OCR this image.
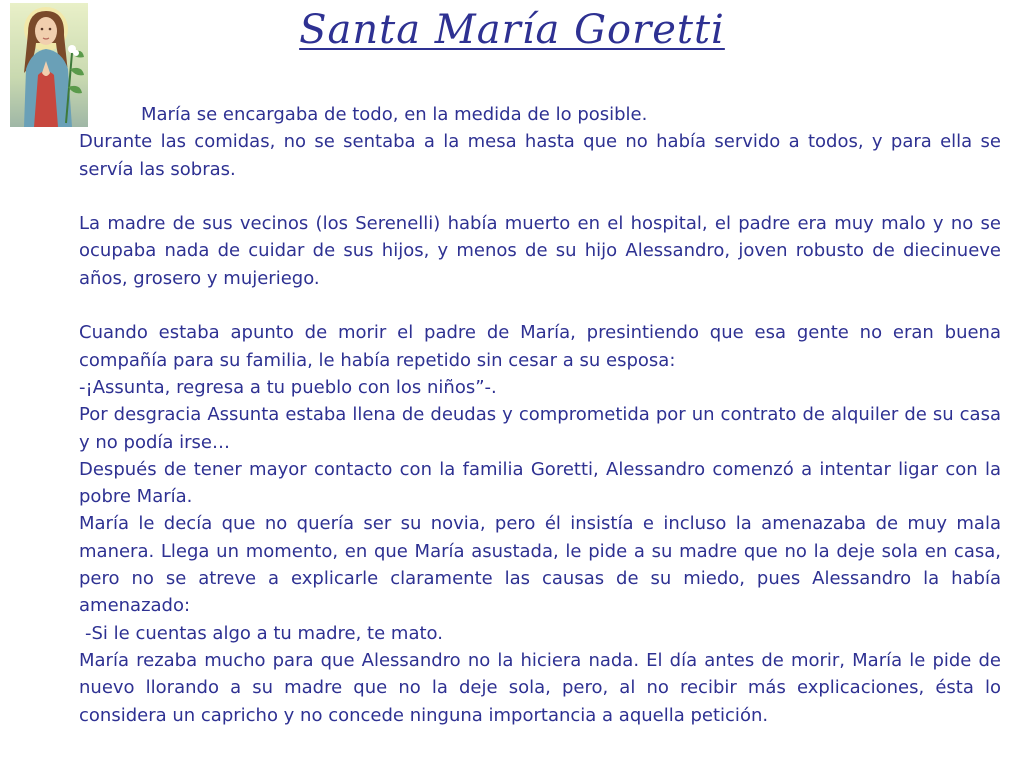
Santa María Goretti

María se encargaba de todo, en la medida de lo posible.

Durante las comidas, no se sentaba a la mesa hasta que no había servido a todos, y para ella se servía las sobras.

La madre de sus vecinos (los Serenelli) había muerto en el hospital, el padre era muy malo y no se ocupaba nada de cuidar de sus hijos, y menos de su hijo Alessandro, joven robusto de diecinueve años, grosero y mujeriego.

Cuando estaba apunto de morir el padre de María, presintiendo que esa gente no eran buena compañía para su familia, le había repetido sin cesar a su esposa:

-¡Assunta, regresa a tu pueblo con los niños”-.

Por desgracia Assunta estaba llena de deudas y comprometida por un contrato de alquiler de su casa y no podía irse…

Después de tener mayor contacto con la familia Goretti, Alessandro comenzó a intentar ligar con la pobre María.

María le decía que no quería ser su novia, pero él insistía e incluso la amenazaba de muy mala manera. Llega un momento, en que María asustada, le pide a su madre que no la deje sola en casa, pero no se atreve a explicarle claramente las causas de su miedo, pues Alessandro la había amenazado:

-Si le cuentas algo a tu madre, te mato.

María rezaba mucho para que Alessandro no la hiciera nada. El día antes de morir, María le pide de nuevo llorando a su madre que no la deje sola, pero, al no recibir más explicaciones, ésta lo considera un capricho y no concede ninguna importancia a aquella petición.
